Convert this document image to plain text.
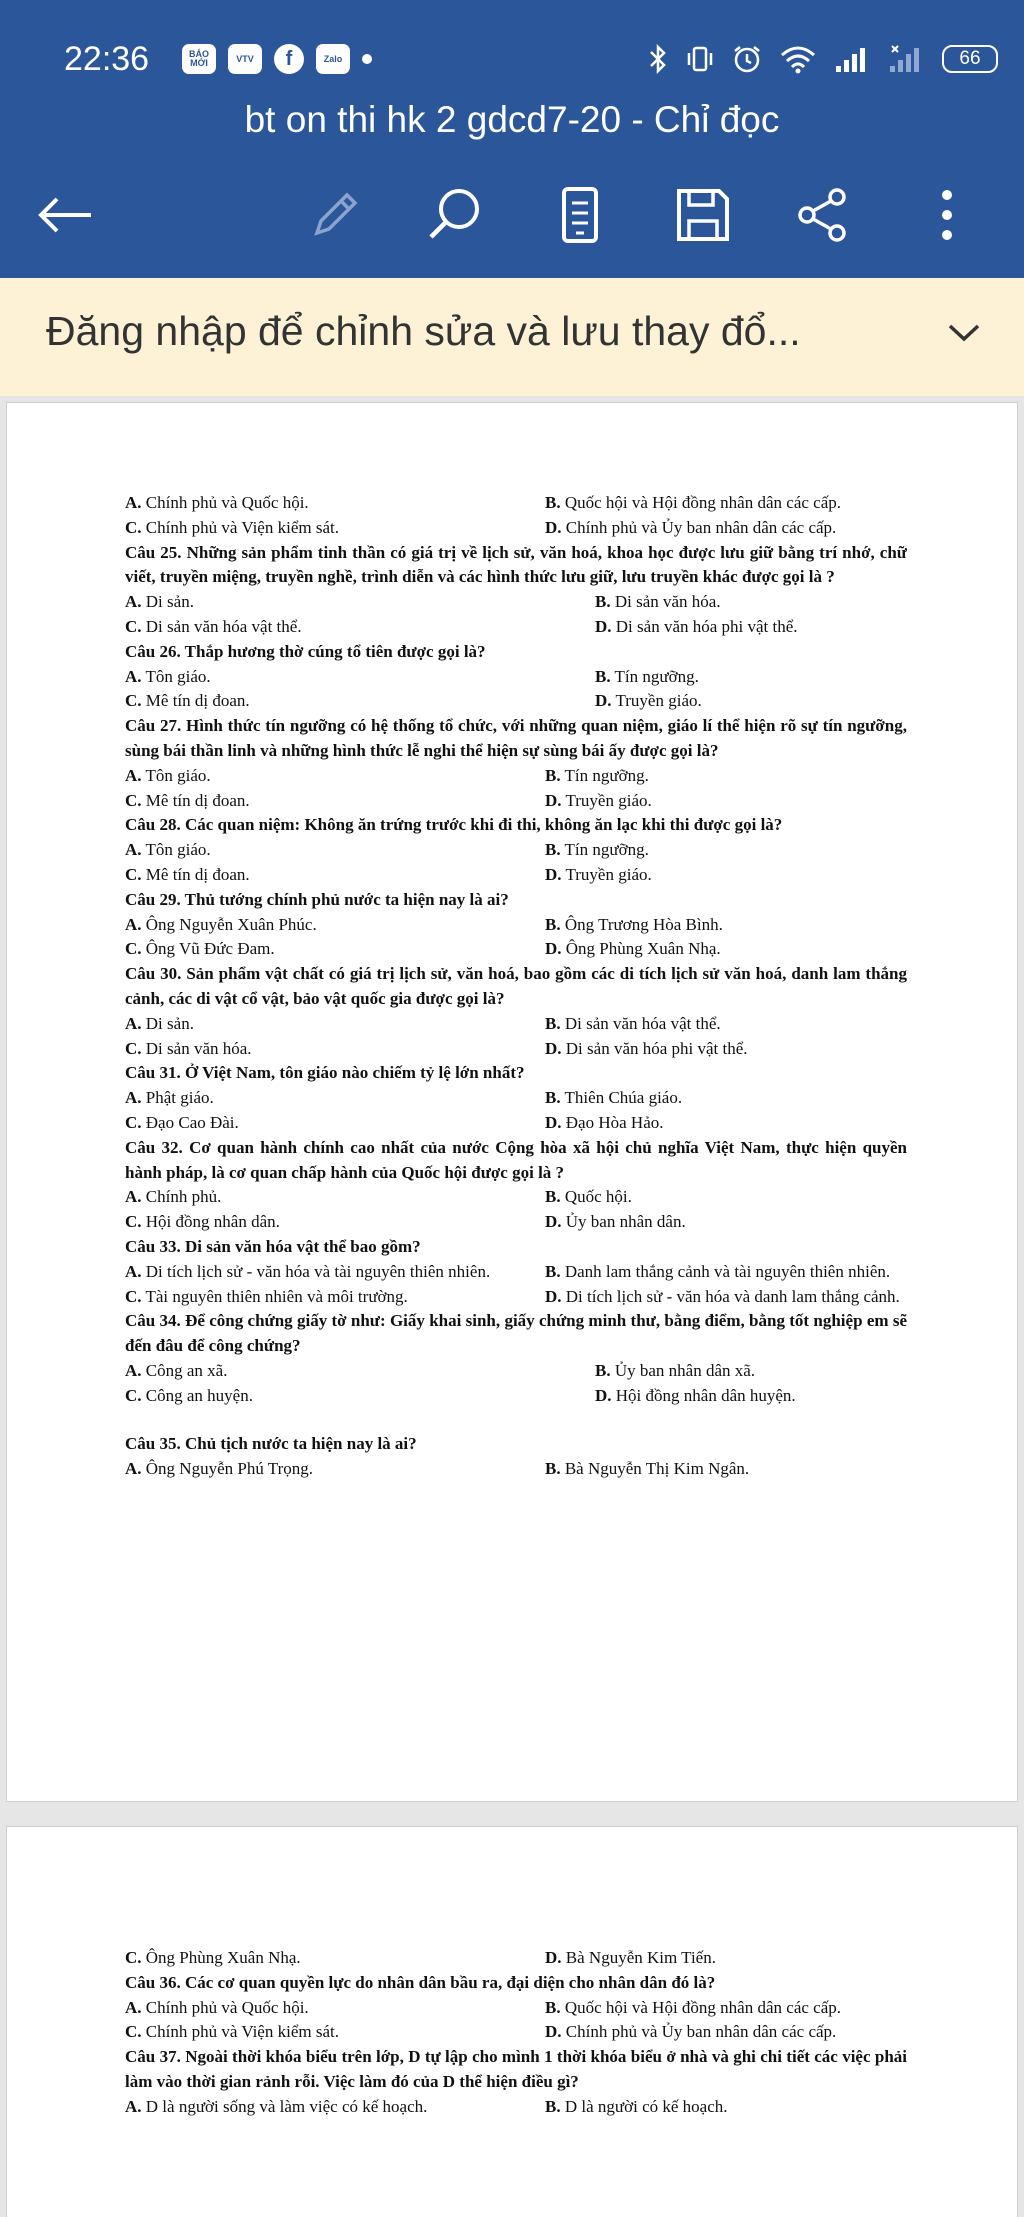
22:36	BÁO MỚI	VTV	f	Zalo	66
bt on thi hk 2 gdcd7-20 - Chỉ đọc
Đăng nhập để chỉnh sửa và lưu thay đổ...
A. Chính phủ và Quốc hội.	B. Quốc hội và Hội đồng nhân dân các cấp.
C. Chính phủ và Viện kiểm sát.	D. Chính phủ và Ủy ban nhân dân các cấp.
Câu 25. Những sản phẩm tinh thần có giá trị về lịch sử, văn hoá, khoa học được lưu giữ bằng trí nhớ, chữ viết, truyền miệng, truyền nghề, trình diễn và các hình thức lưu giữ, lưu truyền khác được gọi là ?
A. Di sản.	B. Di sản văn hóa.
C. Di sản văn hóa vật thể.	D. Di sản văn hóa phi vật thể.
Câu 26. Thắp hương thờ cúng tổ tiên được gọi là?
A. Tôn giáo.	B. Tín ngưỡng.
C. Mê tín dị đoan.	D. Truyền giáo.
Câu 27. Hình thức tín ngưỡng có hệ thống tổ chức, với những quan niệm, giáo lí thể hiện rõ sự tín ngưỡng, sùng bái thần linh và những hình thức lễ nghi thể hiện sự sùng bái ấy được gọi là?
A. Tôn giáo.	B. Tín ngưỡng.
C. Mê tín dị đoan.	D. Truyền giáo.
Câu 28. Các quan niệm: Không ăn trứng trước khi đi thi, không ăn lạc khi thi được gọi là?
A. Tôn giáo.	B. Tín ngưỡng.
C. Mê tín dị đoan.	D. Truyền giáo.
Câu 29. Thủ tướng chính phủ nước ta hiện nay là ai?
A. Ông Nguyễn Xuân Phúc.	B. Ông Trương Hòa Bình.
C. Ông Vũ Đức Đam.	D. Ông Phùng Xuân Nhạ.
Câu 30. Sản phẩm vật chất có giá trị lịch sử, văn hoá, bao gồm các di tích lịch sử văn hoá, danh lam thắng cảnh, các di vật cổ vật, bảo vật quốc gia được gọi là?
A. Di sản.	B. Di sản văn hóa vật thể.
C. Di sản văn hóa.	D. Di sản văn hóa phi vật thể.
Câu 31. Ở Việt Nam, tôn giáo nào chiếm tỷ lệ lớn nhất?
A. Phật giáo.	B. Thiên Chúa giáo.
C. Đạo Cao Đài.	D. Đạo Hòa Hảo.
Câu 32. Cơ quan hành chính cao nhất của nước Cộng hòa xã hội chủ nghĩa Việt Nam, thực hiện quyền hành pháp, là cơ quan chấp hành của Quốc hội được gọi là ?
A. Chính phủ.	B. Quốc hội.
C. Hội đồng nhân dân.	D. Ủy ban nhân dân.
Câu 33. Di sản văn hóa vật thể bao gồm?
A. Di tích lịch sử - văn hóa và tài nguyên thiên nhiên.	B. Danh lam thắng cảnh và tài nguyên thiên nhiên.
C. Tài nguyên thiên nhiên và môi trường.	D. Di tích lịch sử - văn hóa và danh lam thắng cảnh.
Câu 34. Để công chứng giấy tờ như: Giấy khai sinh, giấy chứng minh thư, bằng điểm, bằng tốt nghiệp em sẽ đến đâu để công chứng?
A. Công an xã.	B. Ủy ban nhân dân xã.
C. Công an huyện.	D. Hội đồng nhân dân huyện.
Câu 35. Chủ tịch nước ta hiện nay là ai?
A. Ông Nguyễn Phú Trọng.	B. Bà Nguyễn Thị Kim Ngân.
C. Ông Phùng Xuân Nhạ.	D. Bà Nguyễn Kim Tiến.
Câu 36. Các cơ quan quyền lực do nhân dân bầu ra, đại diện cho nhân dân đó là?
A. Chính phủ và Quốc hội.	B. Quốc hội và Hội đồng nhân dân các cấp.
C. Chính phủ và Viện kiểm sát.	D. Chính phủ và Ủy ban nhân dân các cấp.
Câu 37. Ngoài thời khóa biểu trên lớp, D tự lập cho mình 1 thời khóa biểu ở nhà và ghi chi tiết các việc phải làm vào thời gian rảnh rỗi. Việc làm đó của D thể hiện điều gì?
A. D là người sống và làm việc có kế hoạch.	B. D là người có kế hoạch.
